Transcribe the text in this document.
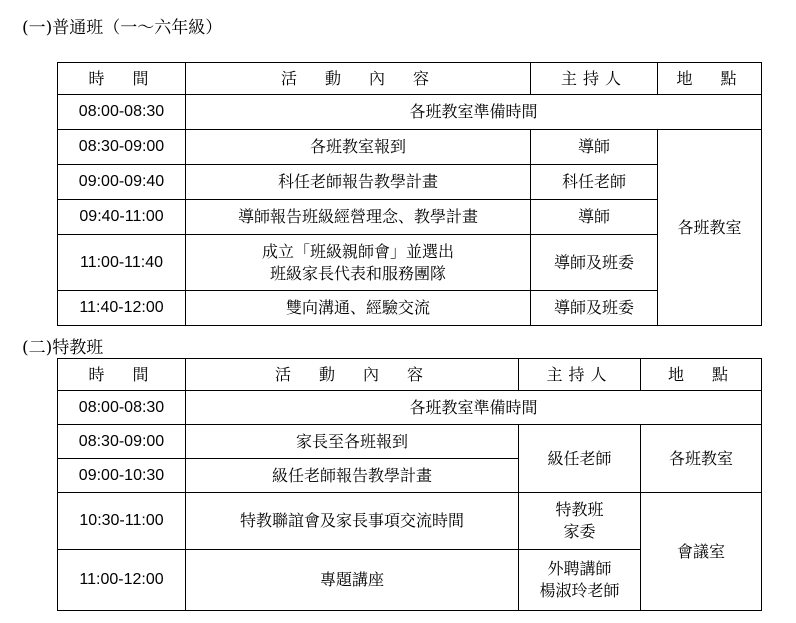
(一)普通班（一～六年級）
時　間	活　動　內　容	主持人	地　點
08:00-08:30	各班教室準備時間		
08:30-09:00	各班教室報到	導師	各班教室
09:00-09:40	科任老師報告教學計畫	科任老師	
09:40-11:00	導師報告班級經營理念、教學計畫	導師	
11:00-11:40	成立「班級親師會」並選出
班級家長代表和服務團隊	導師及班委	
11:40-12:00	雙向溝通、經驗交流	導師及班委	
(二)特教班
時　間	活　動　內　容	主持人	地　點
08:00-08:30	各班教室準備時間		
08:30-09:00	家長至各班報到	級任老師	各班教室
09:00-10:30	級任老師報告教學計畫		
10:30-11:00	特教聯誼會及家長事項交流時間	特教班
家委	會議室
11:00-12:00	專題講座	外聘講師
楊淑玲老師	
